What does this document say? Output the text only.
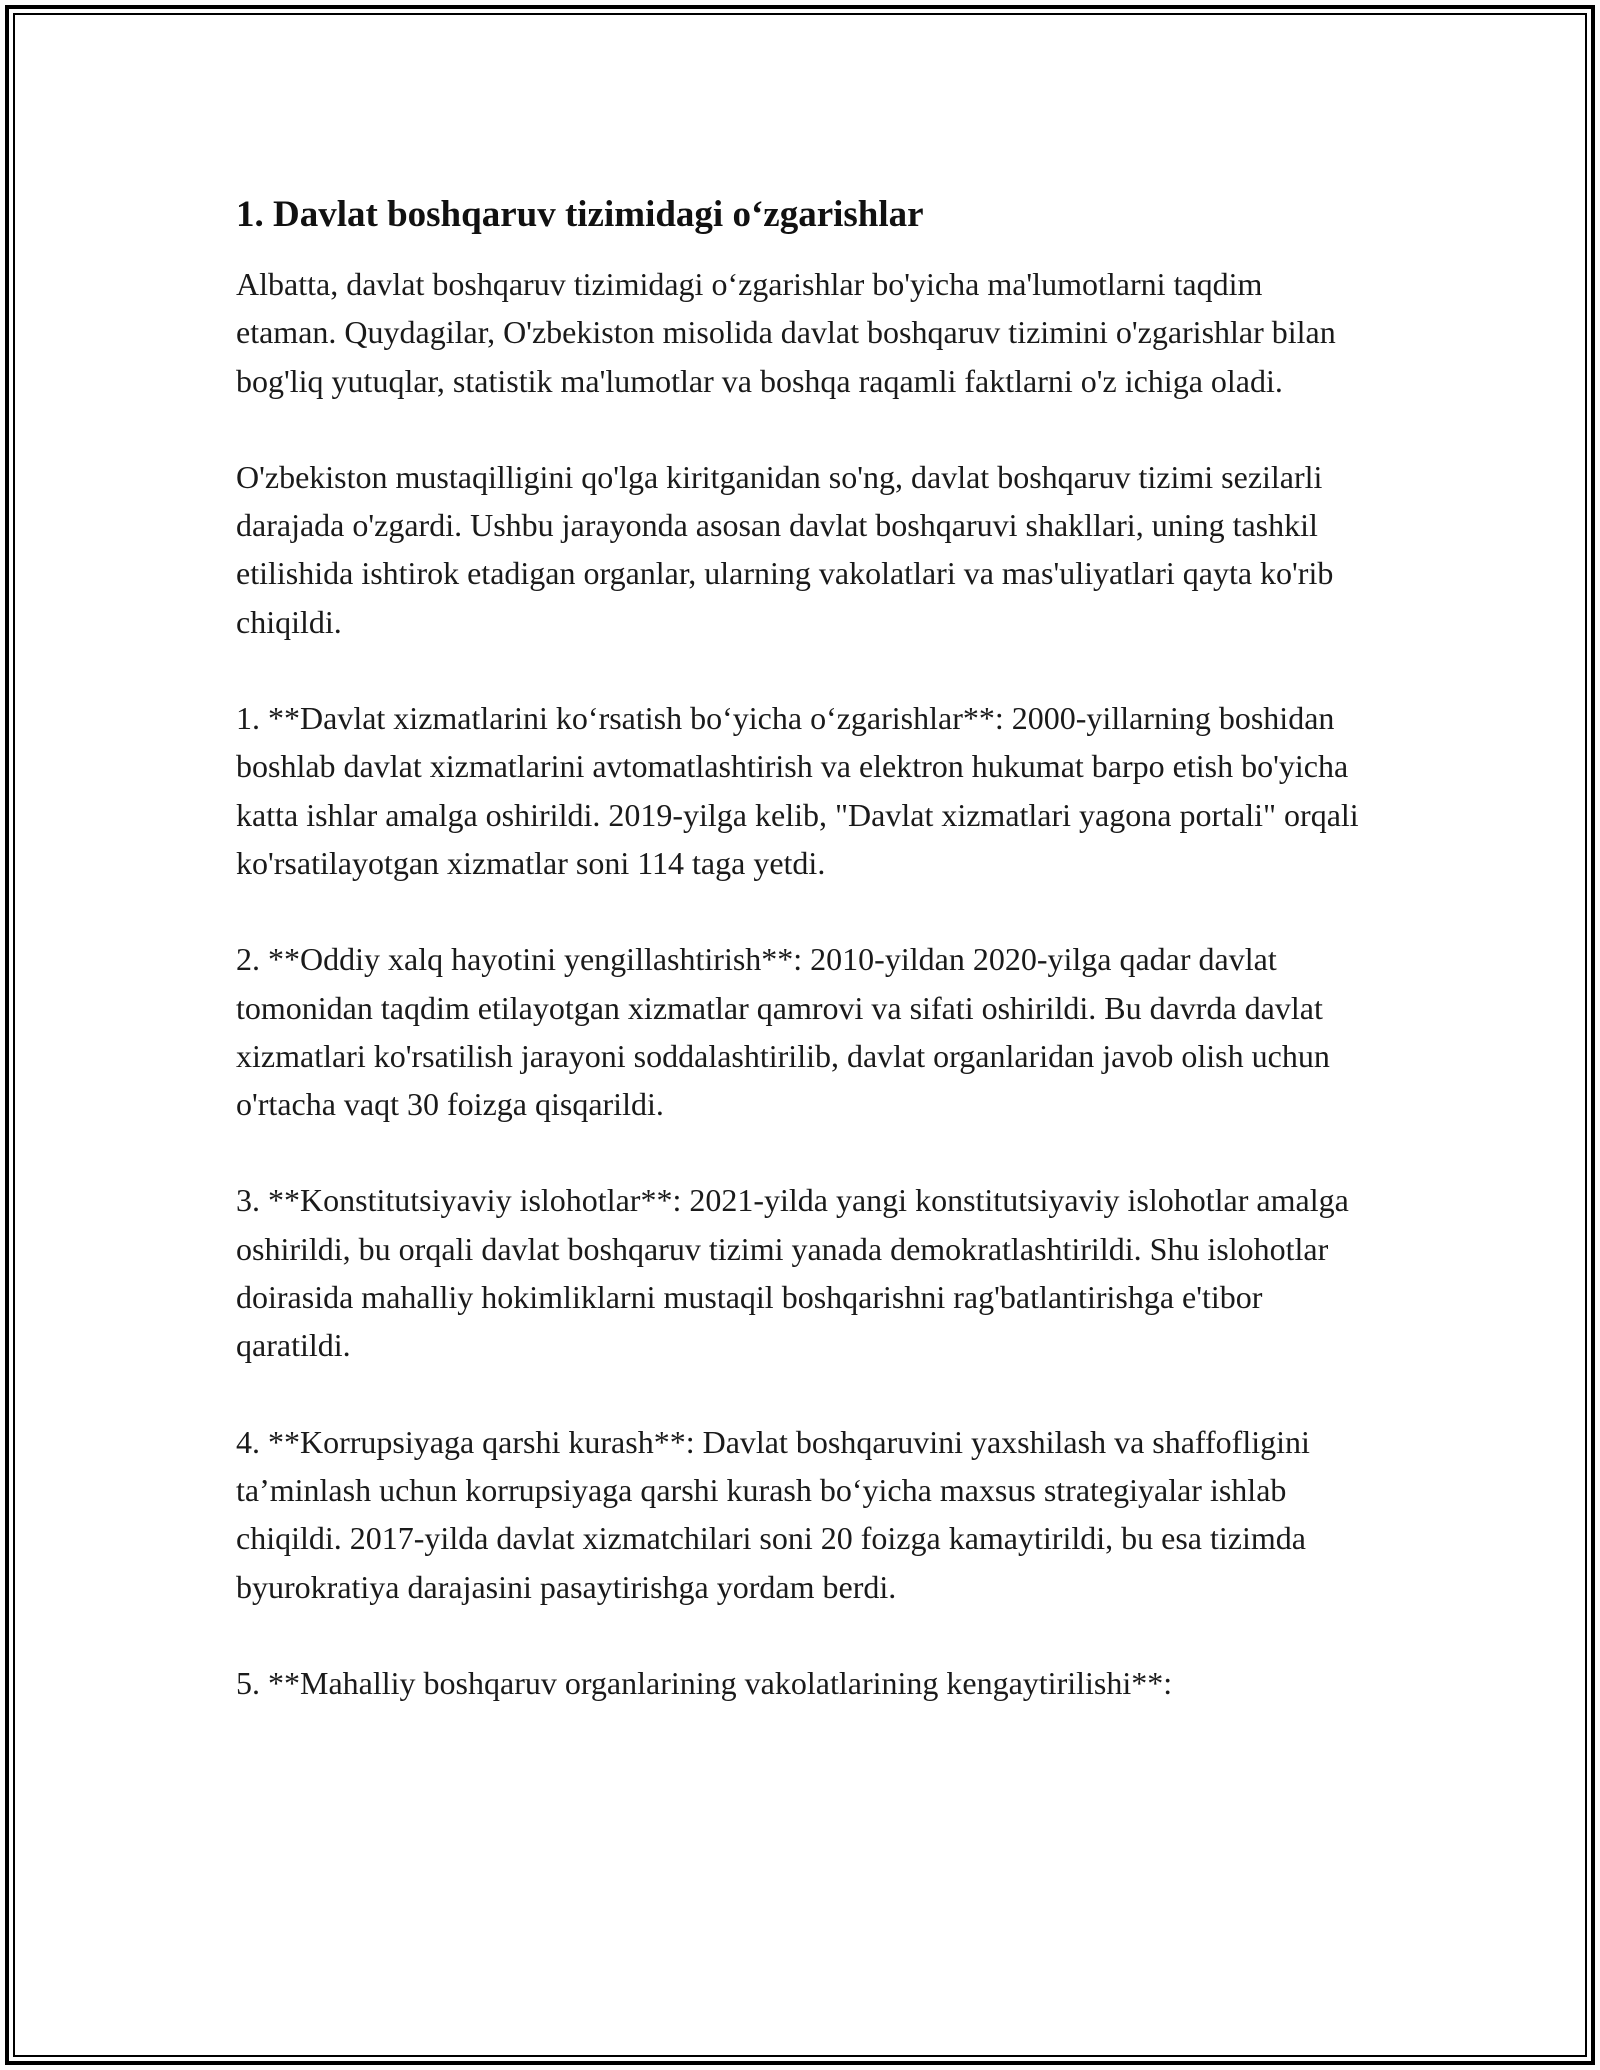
1. Davlat boshqaruv tizimidagi o‘zgarishlar

Albatta, davlat boshqaruv tizimidagi o‘zgarishlar bo'yicha ma'lumotlarni taqdim etaman. Quydagilar, O'zbekiston misolida davlat boshqaruv tizimini o'zgarishlar bilan bog'liq yutuqlar, statistik ma'lumotlar va boshqa raqamli faktlarni o'z ichiga oladi.

O'zbekiston mustaqilligini qo'lga kiritganidan so'ng, davlat boshqaruv tizimi sezilarli darajada o'zgardi. Ushbu jarayonda asosan davlat boshqaruvi shakllari, uning tashkil etilishida ishtirok etadigan organlar, ularning vakolatlari va mas'uliyatlari qayta ko'rib chiqildi.

1. **Davlat xizmatlarini ko‘rsatish bo‘yicha o‘zgarishlar**: 2000-yillarning boshidan boshlab davlat xizmatlarini avtomatlashtirish va elektron hukumat barpo etish bo'yicha katta ishlar amalga oshirildi. 2019-yilga kelib, "Davlat xizmatlari yagona portali" orqali ko'rsatilayotgan xizmatlar soni 114 taga yetdi.

2. **Oddiy xalq hayotini yengillashtirish**: 2010-yildan 2020-yilga qadar davlat tomonidan taqdim etilayotgan xizmatlar qamrovi va sifati oshirildi. Bu davrda davlat xizmatlari ko'rsatilish jarayoni soddalashtirilib, davlat organlaridan javob olish uchun o'rtacha vaqt 30 foizga qisqarildi.

3. **Konstitutsiyaviy islohotlar**: 2021-yilda yangi konstitutsiyaviy islohotlar amalga oshirildi, bu orqali davlat boshqaruv tizimi yanada demokratlashtirildi. Shu islohotlar doirasida mahalliy hokimliklarni mustaqil boshqarishni rag'batlantirishga e'tibor qaratildi.

4. **Korrupsiyaga qarshi kurash**: Davlat boshqaruvini yaxshilash va shaffofligini ta’minlash uchun korrupsiyaga qarshi kurash bo‘yicha maxsus strategiyalar ishlab chiqildi. 2017-yilda davlat xizmatchilari soni 20 foizga kamaytirildi, bu esa tizimda byurokratiya darajasini pasaytirishga yordam berdi.

5. **Mahalliy boshqaruv organlarining vakolatlarining kengaytirilishi**:
